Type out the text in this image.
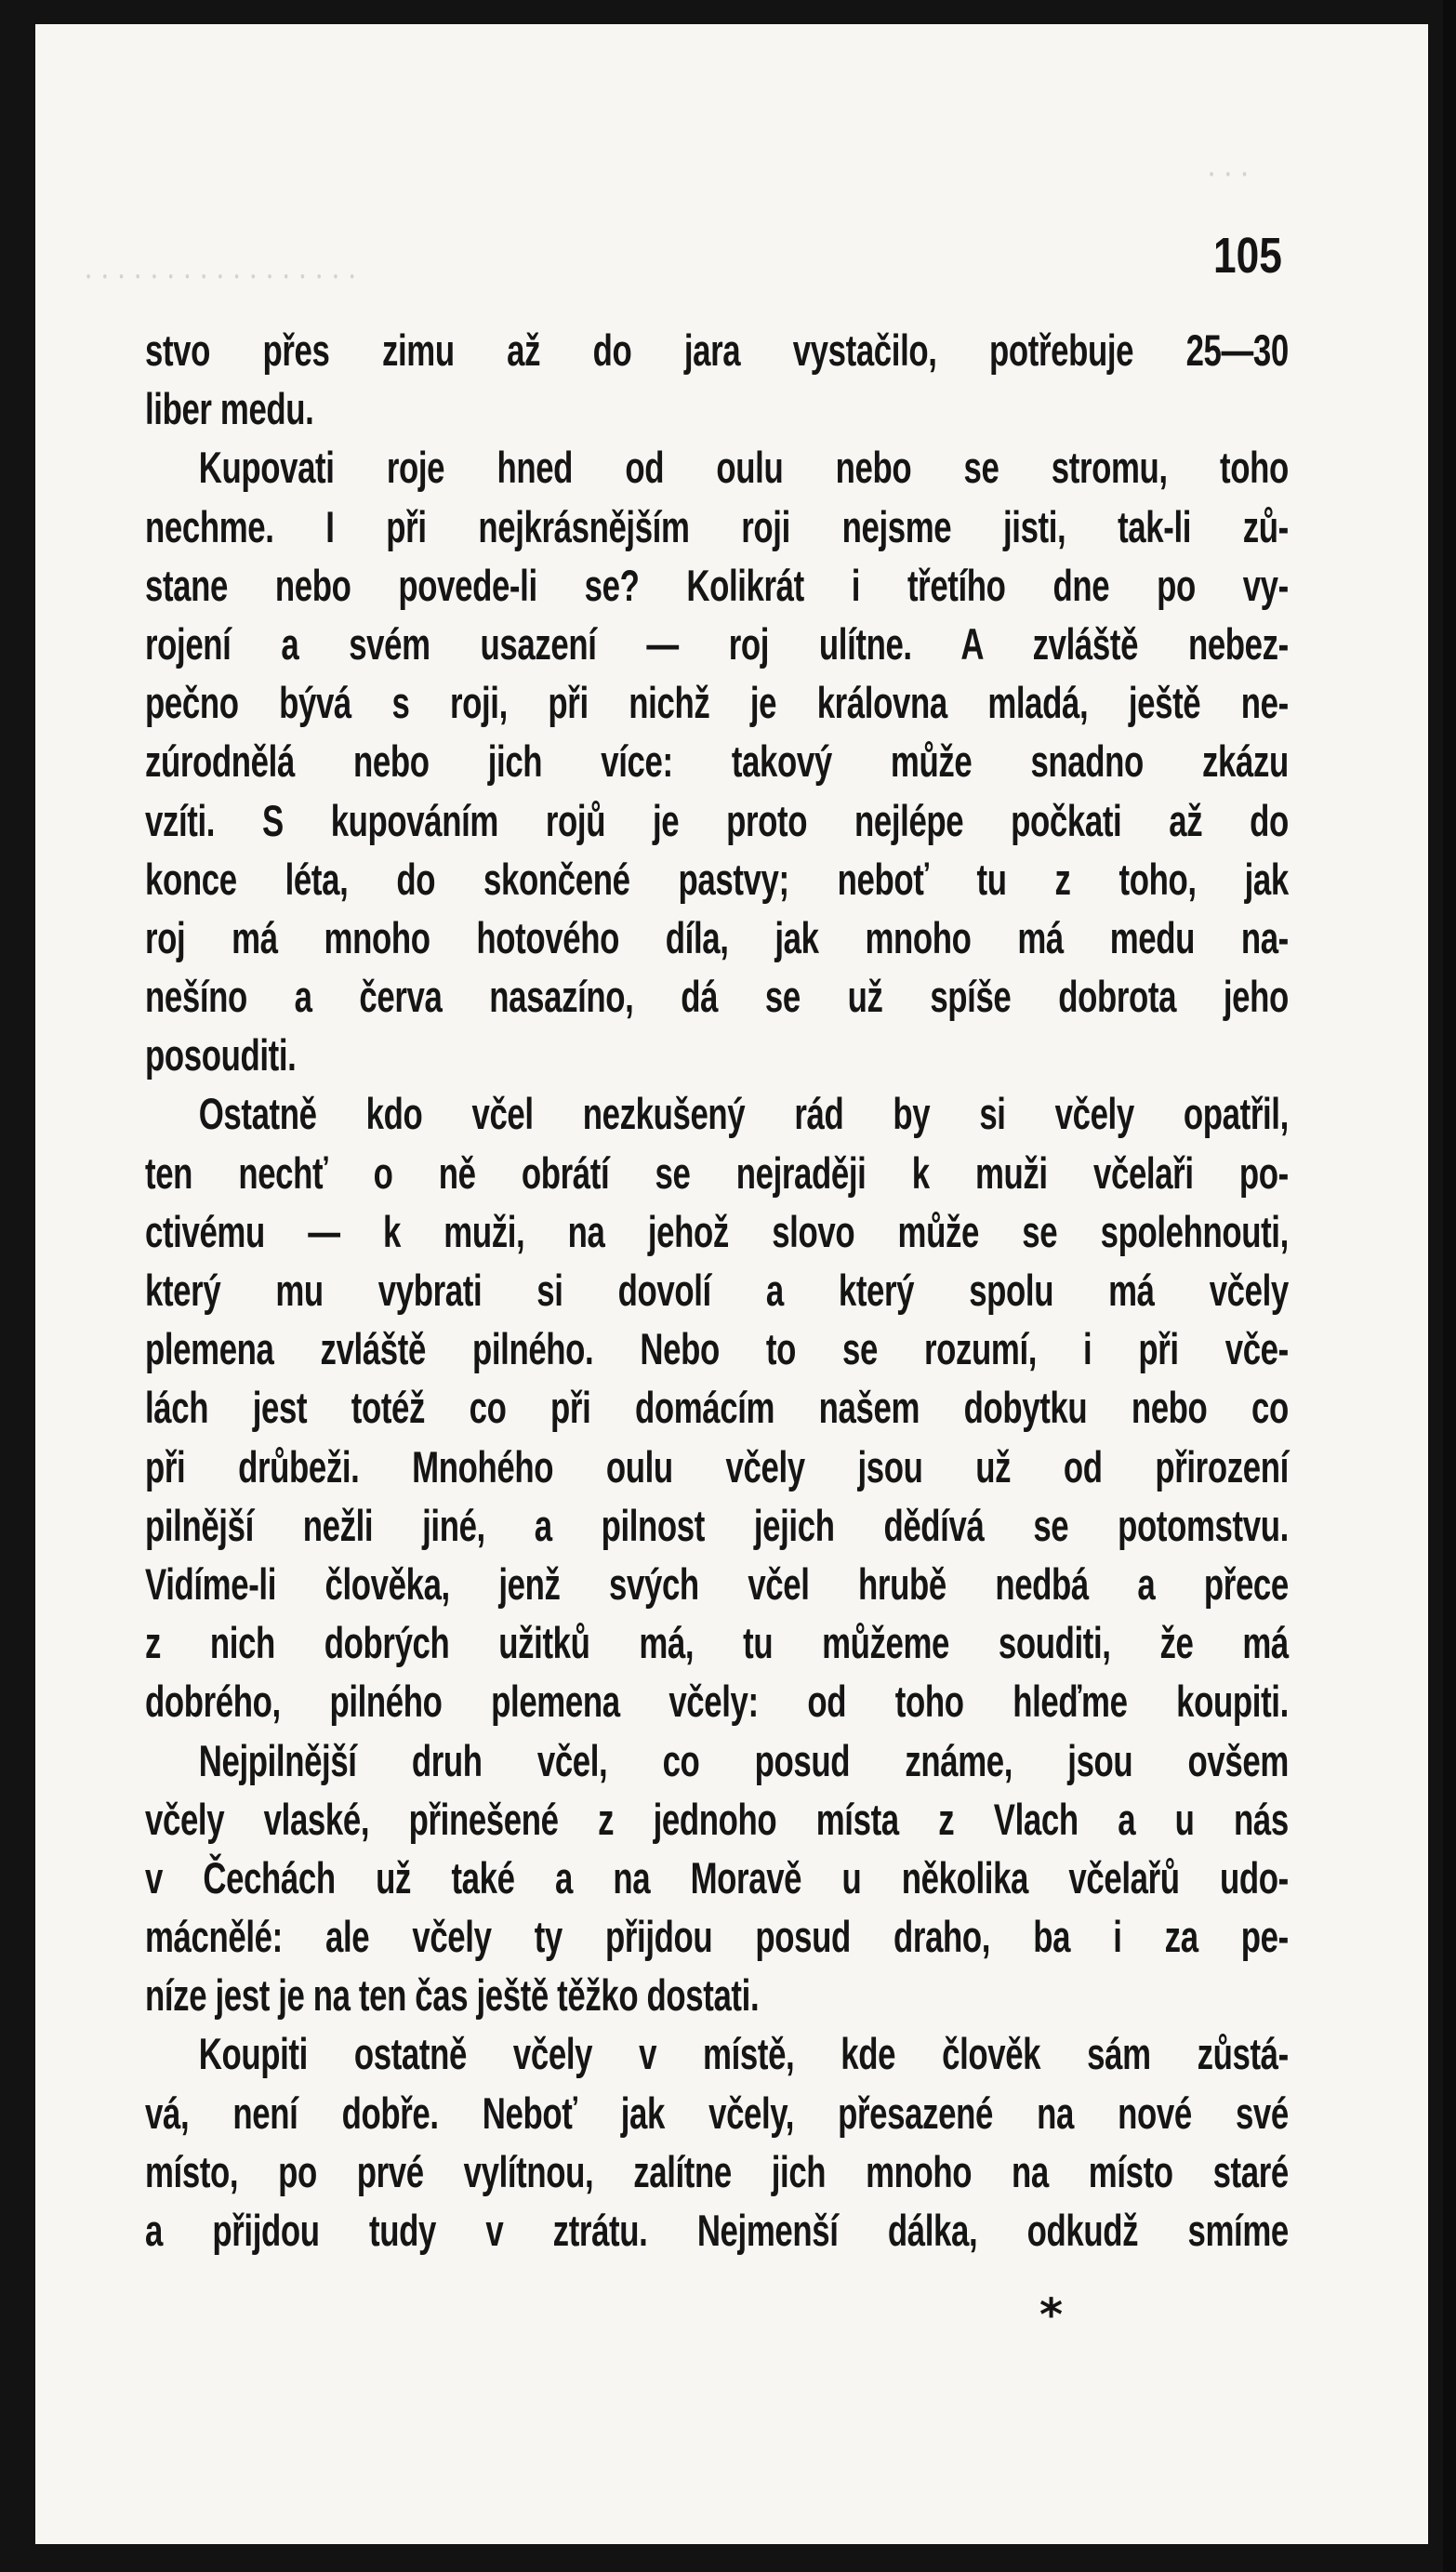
· · · · · · · · · · · · · · · · ·
· · ·
105
stvo přes zimu až do jara vystačilo, potřebuje 25—30
liber medu.
Kupovati roje hned od oulu nebo se stromu, toho
nechme. I při nejkrásnějším roji nejsme jisti, tak-li zů-
stane nebo povede-li se? Kolikrát i třetího dne po vy-
rojení a svém usazení — roj ulítne. A zvláště nebez-
pečno bývá s roji, při nichž je královna mladá, ještě ne-
zúrodnělá nebo jich více: takový může snadno zkázu
vzíti. S kupováním rojů je proto nejlépe počkati až do
konce léta, do skončené pastvy; neboť tu z toho, jak
roj má mnoho hotového díla, jak mnoho má medu na-
nešíno a červa nasazíno, dá se už spíše dobrota jeho
posouditi.
Ostatně kdo včel nezkušený rád by si včely opatřil,
ten nechť o ně obrátí se nejraději k muži včelaři po-
ctivému — k muži, na jehož slovo může se spolehnouti,
který mu vybrati si dovolí a který spolu má včely
plemena zvláště pilného. Nebo to se rozumí, i při vče-
lách jest totéž co při domácím našem dobytku nebo co
při drůbeži. Mnohého oulu včely jsou už od přirození
pilnější nežli jiné, a pilnost jejich dědívá se potomstvu.
Vidíme-li člověka, jenž svých včel hrubě nedbá a přece
z nich dobrých užitků má, tu můžeme souditi, že má
dobrého, pilného plemena včely: od toho hleďme koupiti.
Nejpilnější druh včel, co posud známe, jsou ovšem
včely vlaské, přinešené z jednoho místa z Vlach a u nás
v Čechách už také a na Moravě u několika včelařů udo-
mácnělé: ale včely ty přijdou posud draho, ba i za pe-
níze jest je na ten čas ještě těžko dostati.
Koupiti ostatně včely v místě, kde člověk sám zůstá-
vá, není dobře. Neboť jak včely, přesazené na nové své
místo, po prvé vylítnou, zalítne jich mnoho na místo staré
a přijdou tudy v ztrátu. Nejmenší dálka, odkudž smíme
*
